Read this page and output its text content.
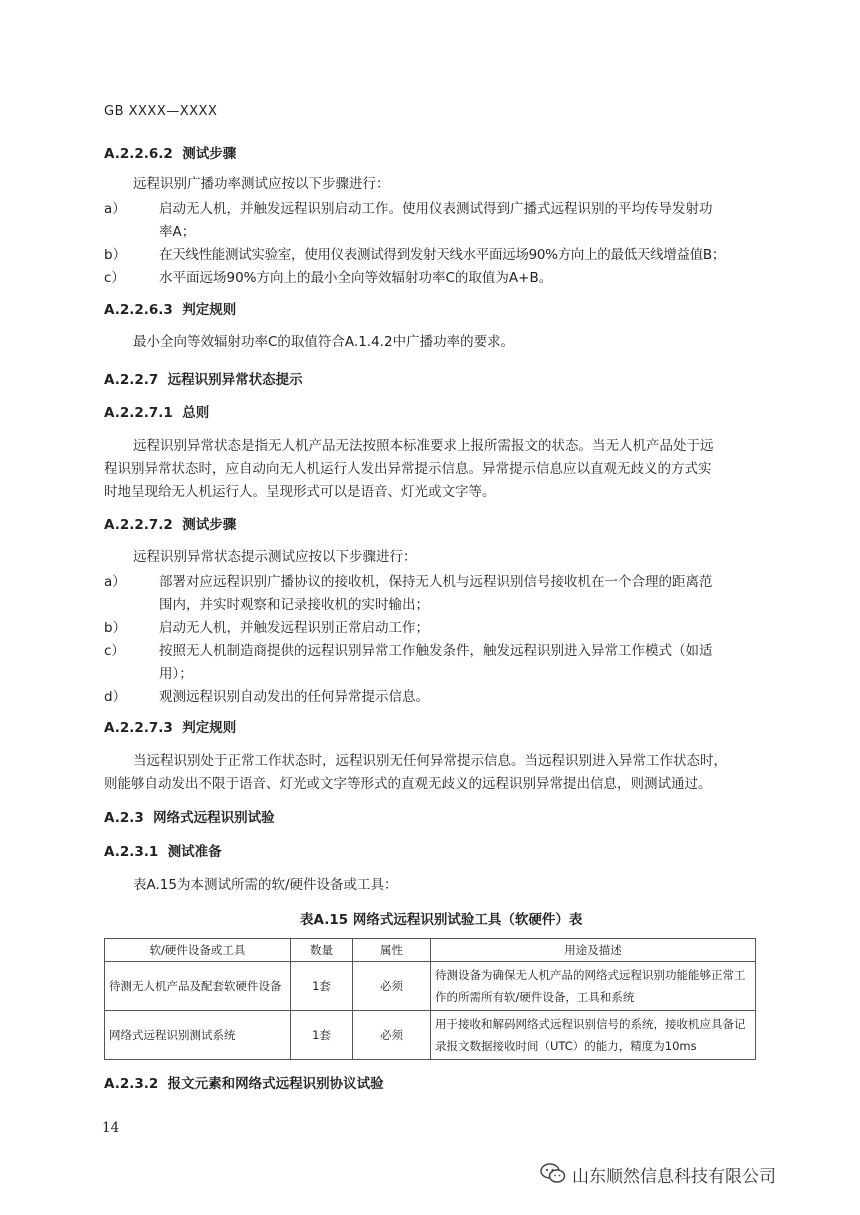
GB XXXX—XXXX
A.2.2.6.2 测试步骤
远程识别广播功率测试应按以下步骤进行：
a） 启动无人机，并触发远程识别启动工作。使用仪表测试得到广播式远程识别的平均传导发射功
率A；
b） 在天线性能测试实验室，使用仪表测试得到发射天线水平面远场90%方向上的最低天线增益值B；
c）	水平面远场90%方向上的最小全向等效辐射功率C的取值为A+B。
A.2.2.6.3 判定规则
最小全向等效辐射功率C的取值符合A.1.4.2中广播功率的要求。
A.2.2.7 远程识别异常状态提示
A.2.2.7.1 总则
远程识别异常状态是指无人机产品无法按照本标准要求上报所需报文的状态。当无人机产品处于远
程识别异常状态时，应自动向无人机运行人发出异常提示信息。异常提示信息应以直观无歧义的方式实
时地呈现给无人机运行人。呈现形式可以是语音、灯光或文字等。
A.2.2.7.2 测试步骤
远程识别异常状态提示测试应按以下步骤进行：
a） 部署对应远程识别广播协议的接收机，保持无人机与远程识别信号接收机在一个合理的距离范
围内，并实时观察和记录接收机的实时输出；
b） 启动无人机，并触发远程识别正常启动工作；
c）	按照无人机制造商提供的远程识别异常工作触发条件，触发远程识别进入异常工作模式（如适
用）；
d） 观测远程识别自动发出的任何异常提示信息。
A.2.2.7.3 判定规则
当远程识别处于正常工作状态时，远程识别无任何异常提示信息。当远程识别进入异常工作状态时，
则能够自动发出不限于语音、灯光或文字等形式的直观无歧义的远程识别异常提出信息，则测试通过。
A.2.3 网络式远程识别试验
A.2.3.1 测试准备
表A.15为本测试所需的软/硬件设备或工具：
表A.15 网络式远程识别试验工具（软硬件）表
软/硬件设备或工具	数量	属性	用途及描述
待测无人机产品及配套软硬件设备	1套	必须	待测设备为确保无人机产品的网络式远程识别功能能够正常工作的所需所有软/硬件设备，工具和系统
网络式远程识别测试系统	1套	必须	用于接收和解码网络式远程识别信号的系统，接收机应具备记录报文数据接收时间（UTC）的能力，精度为10ms
A.2.3.2 报文元素和网络式远程识别协议试验
14
山东顺然信息科技有限公司
